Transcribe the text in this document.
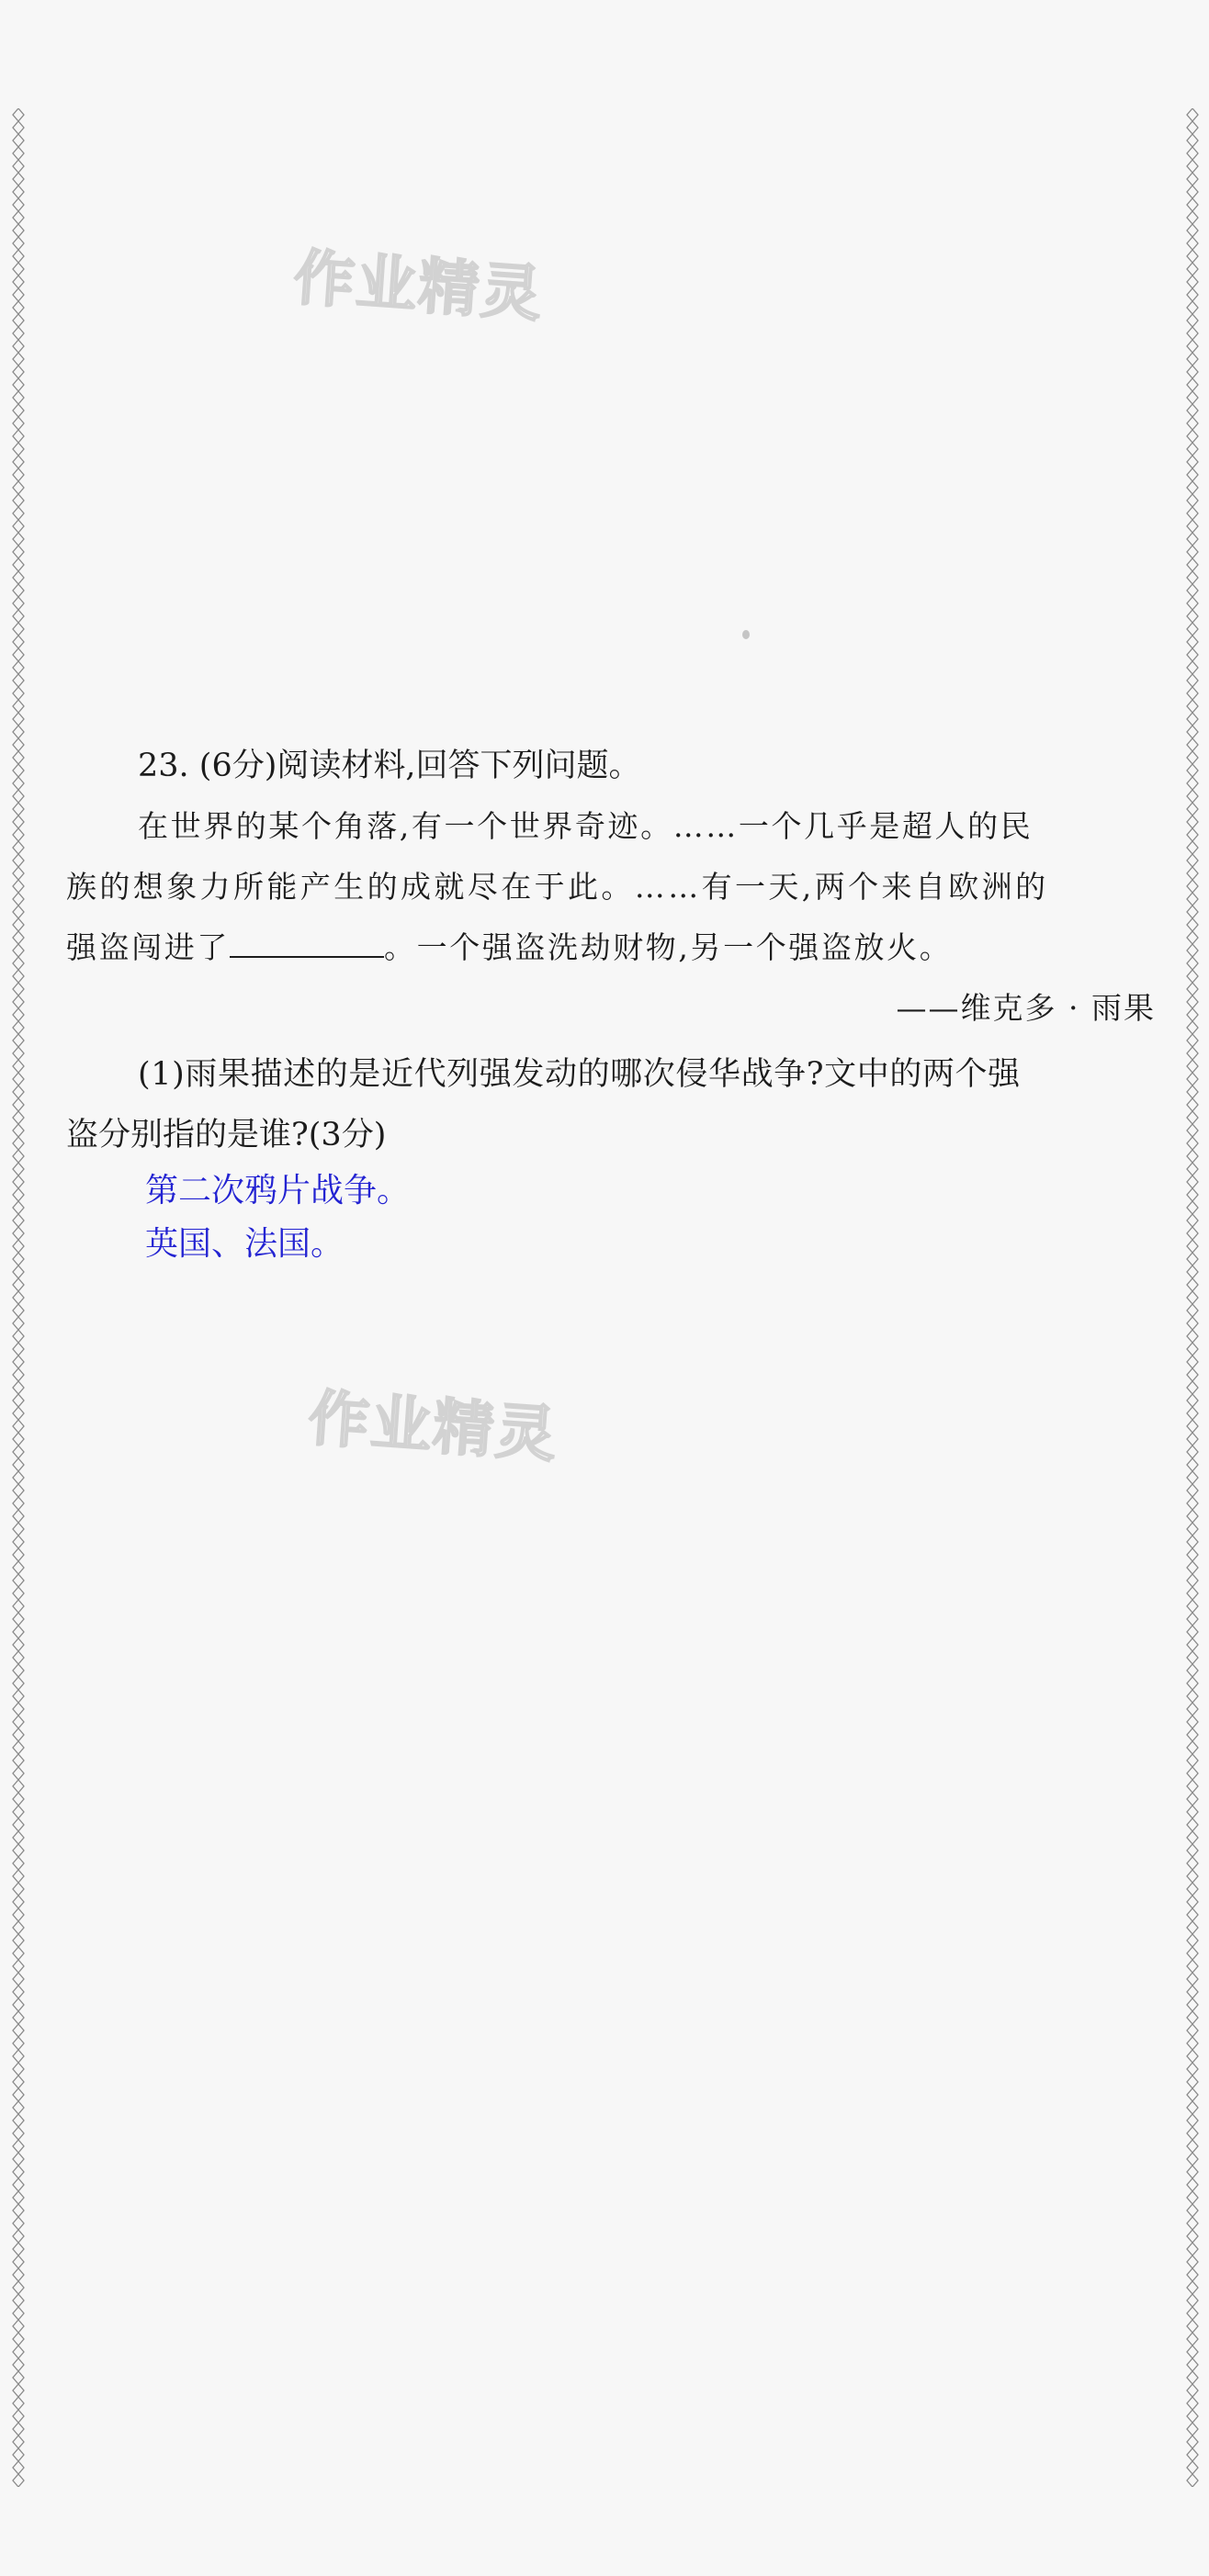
作业精灵
作业精灵
23. (6分)阅读材料,回答下列问题。
在世界的某个角落,有一个世界奇迹。……一个几乎是超人的民
族的想象力所能产生的成就尽在于此。……有一天,两个来自欧洲的
强盗闯进了	。一个强盗洗劫财物,另一个强盗放火。
——维克多 · 雨果
(1)雨果描述的是近代列强发动的哪次侵华战争?文中的两个强
盗分别指的是谁?(3分)
第二次鸦片战争。
英国、法国。
